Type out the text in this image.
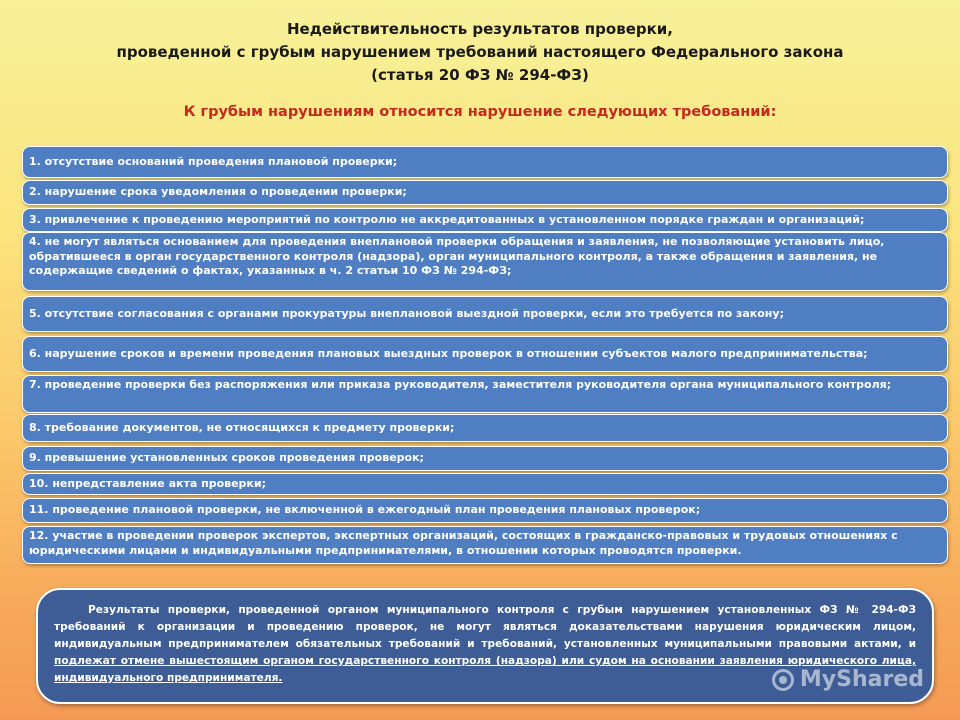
Недействительность результатов проверки,
проведенной с грубым нарушением требований настоящего Федерального закона
(статья 20 ФЗ № 294-ФЗ)
К грубым нарушениям относится нарушение следующих требований:
1. отсутствие оснований проведения плановой проверки;
2. нарушение срока уведомления о проведении проверки;
3. привлечение к проведению мероприятий по контролю не аккредитованных в установленном порядке граждан и организаций;
4. не могут являться основанием для проведения внеплановой проверки обращения и заявления, не позволяющие установить лицо, обратившееся в орган государственного контроля (надзора), орган муниципального контроля, а также обращения и заявления, не содержащие сведений о фактах, указанных в ч. 2 статьи 10 ФЗ № 294-ФЗ;
5. отсутствие согласования с органами прокуратуры внеплановой выездной проверки, если это требуется по закону;
6. нарушение сроков и времени проведения плановых выездных проверок в отношении субъектов малого предпринимательства;
7. проведение проверки без распоряжения или приказа руководителя, заместителя руководителя органа муниципального контроля;
8. требование документов, не относящихся к предмету проверки;
9. превышение установленных сроков проведения проверок;
10. непредставление акта проверки;
11. проведение плановой проверки, не включенной в ежегодный план проведения плановых проверок;
12. участие в проведении проверок экспертов, экспертных организаций, состоящих в гражданско-правовых и трудовых отношениях с юридическими лицами и индивидуальными предпринимателями, в отношении которых проводятся проверки.
Результаты проверки, проведенной органом муниципального контроля с грубым нарушением установленных ФЗ № 294-ФЗ требований к организации и проведению проверок, не могут являться доказательствами нарушения юридическим лицом, индивидуальным предпринимателем обязательных требований и требований, установленных муниципальными правовыми актами, и подлежат отмене вышестоящим органом государственного контроля (надзора) или судом на основании заявления юридического лица, индивидуального предпринимателя.	MyShared
